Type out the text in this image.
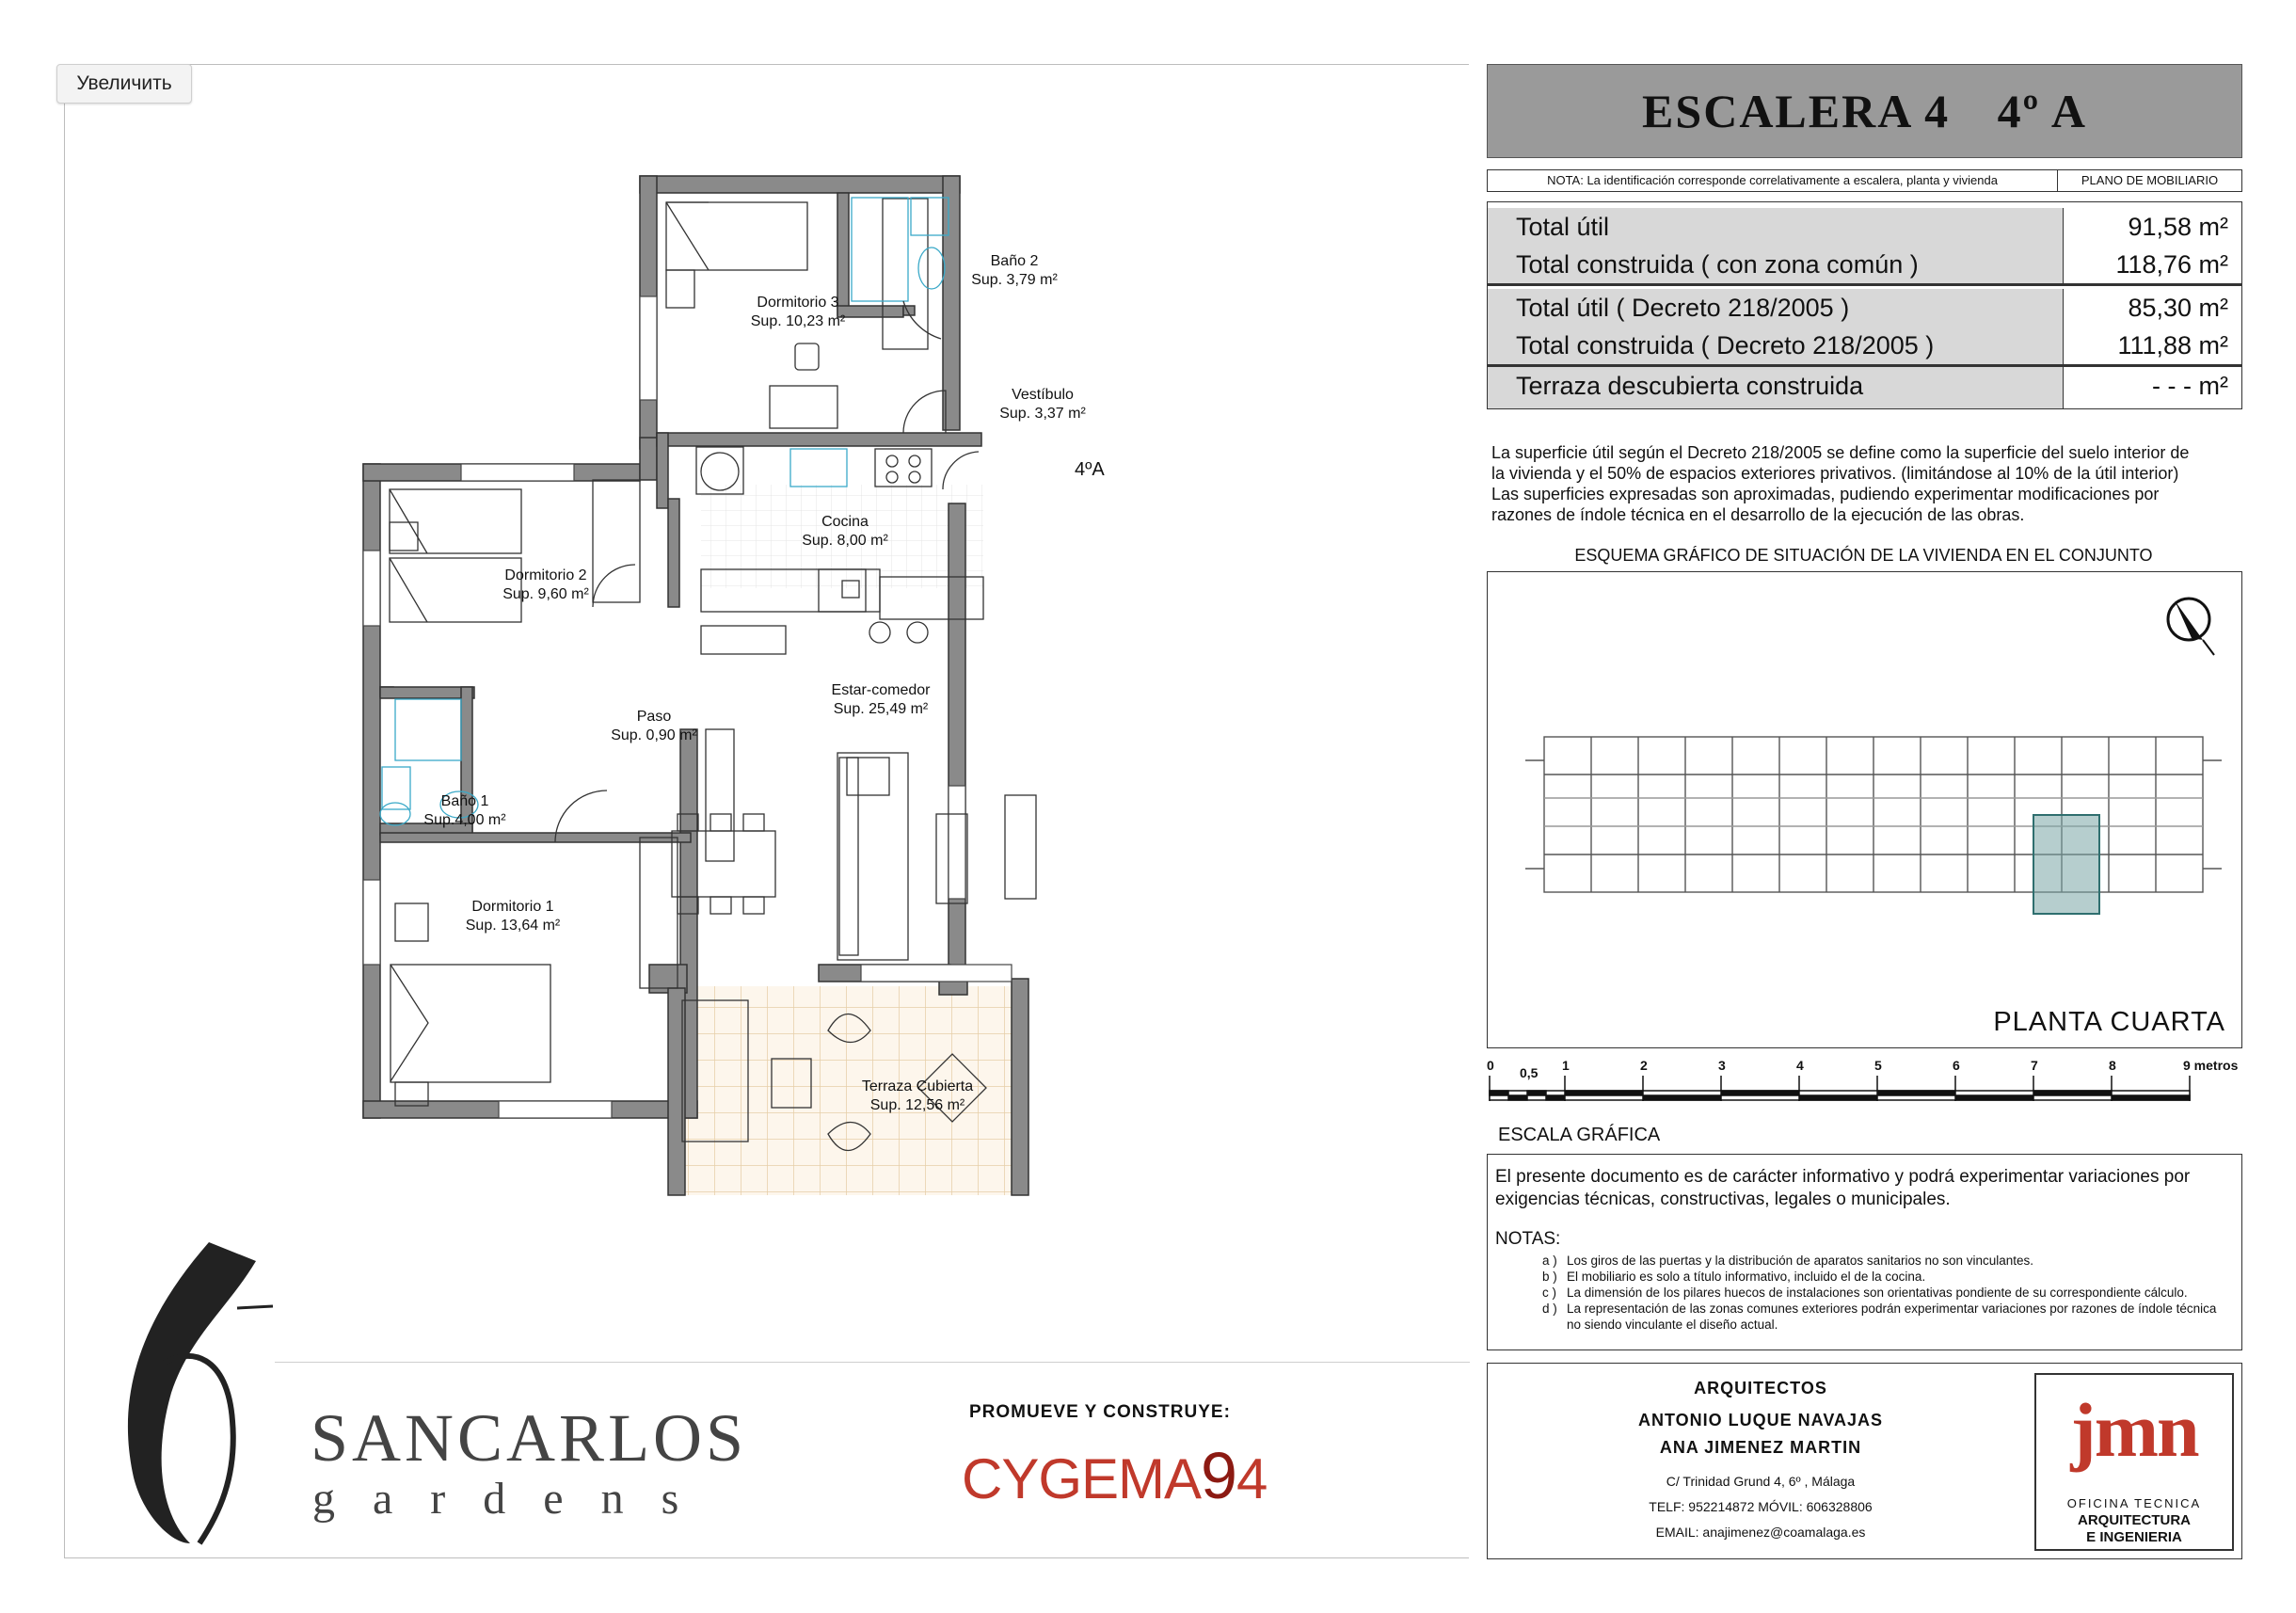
Увеличить
Dormitorio 3
Sup. 10,23 m²
Baño 2
Sup. 3,79 m²
Vestíbulo
Sup. 3,37 m²
Cocina
Sup. 8,00 m²
Dormitorio 2
Sup. 9,60 m²
Paso
Sup. 0,90 m²
Estar-comedor
Sup. 25,49 m²
Baño 1
Sup.4,00 m²
Dormitorio 1
Sup. 13,64 m²
Terraza Cubierta
Sup. 12,56 m²
4ºA
SANCARLOS
gardens
PROMUEVE Y CONSTRUYE:
CYGEMA94
ESCALERA 4 4º A
NOTA: La identificación corresponde correlativamente a escalera, planta y vivienda	PLANO DE MOBILIARIO
Total útil	91,58 m²
Total construida ( con zona común )	118,76 m²
Total útil ( Decreto 218/2005 )	85,30 m²
Total construida ( Decreto 218/2005 )	111,88 m²
Terraza descubierta construida	- - - m²
La superficie útil según el Decreto 218/2005 se define como la superficie del suelo interior de
la vivienda y el 50% de espacios exteriores privativos. (limitándose al 10% de la útil interior)
Las superficies expresadas son aproximadas, pudiendo experimentar modificaciones por
razones de índole técnica en el desarrollo de la ejecución de las obras.
ESQUEMA GRÁFICO DE SITUACIÓN DE LA VIVIENDA EN EL CONJUNTO
PLANTA CUARTA
0 0,5 1	2	3	4	5	6	7	8	9 metros
ESCALA GRÁFICA
El presente documento es de carácter informativo y podrá experimentar variaciones por exigencias técnicas, constructivas, legales o municipales.
NOTAS:
a ) Los giros de las puertas y la distribución de aparatos sanitarios no son vinculantes.
b ) El mobiliario es solo a título informativo, incluido el de la cocina.
c ) La dimensión de los pilares huecos de instalaciones son orientativas pondiente de su correspondiente cálculo.
d ) La representación de las zonas comunes exteriores podrán experimentar variaciones por razones de índole técnica no siendo vinculante el diseño actual.
ARQUITECTOS
ANTONIO LUQUE NAVAJAS
ANA JIMENEZ MARTIN
C/ Trinidad Grund 4, 6º , Málaga
TELF: 952214872 MÓVIL: 606328806
EMAIL: anajimenez@coamalaga.es
jmn
OFICINA TECNICA
ARQUITECTURA
E INGENIERIA
